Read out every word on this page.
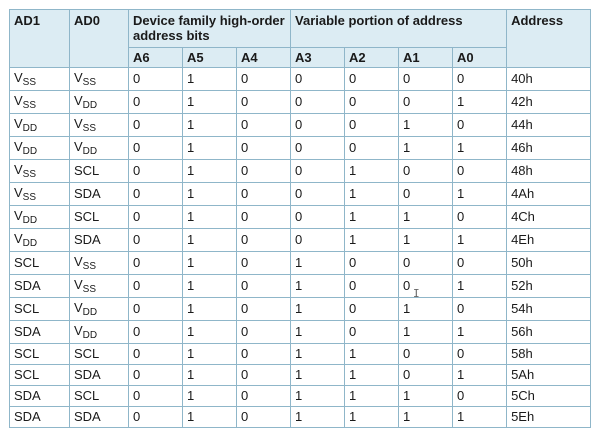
AD1	AD0	Device family high-order address bits			Variable portion of address				Address
		A6	A5	A4	A3	A2	A1	A0	
$V_{SS}$	$V_{SS}$	0	1	0	0	0	0	0	40h
$V_{SS}$	$V_{DD}$	0	1	0	0	0	0	1	42h
$V_{DD}$	$V_{SS}$	0	1	0	0	0	1	0	44h
$V_{DD}$	$V_{DD}$	0	1	0	0	0	1	1	46h
$V_{SS}$	SCL	0	1	0	0	1	0	0	48h
$V_{SS}$	SDA	0	1	0	0	1	0	1	4Ah
$V_{DD}$	SCL	0	1	0	0	1	1	0	4Ch
$V_{DD}$	SDA	0	1	0	0	1	1	1	4Eh
SCL	$V_{SS}$	0	1	0	1	0	0	0	50h
SDA	$V_{SS}$	0	1	0	1	0	0	1	52h
SCL	$V_{DD}$	0	1	0	1	0	1	0	54h
SDA	$V_{DD}$	0	1	0	1	0	1	1	56h
SCL	SCL	0	1	0	1	1	0	0	58h
SCL	SDA	0	1	0	1	1	0	1	5Ah
SDA	SCL	0	1	0	1	1	1	0	5Ch
SDA	SDA	0	1	0	1	1	1	1	5Eh
I
